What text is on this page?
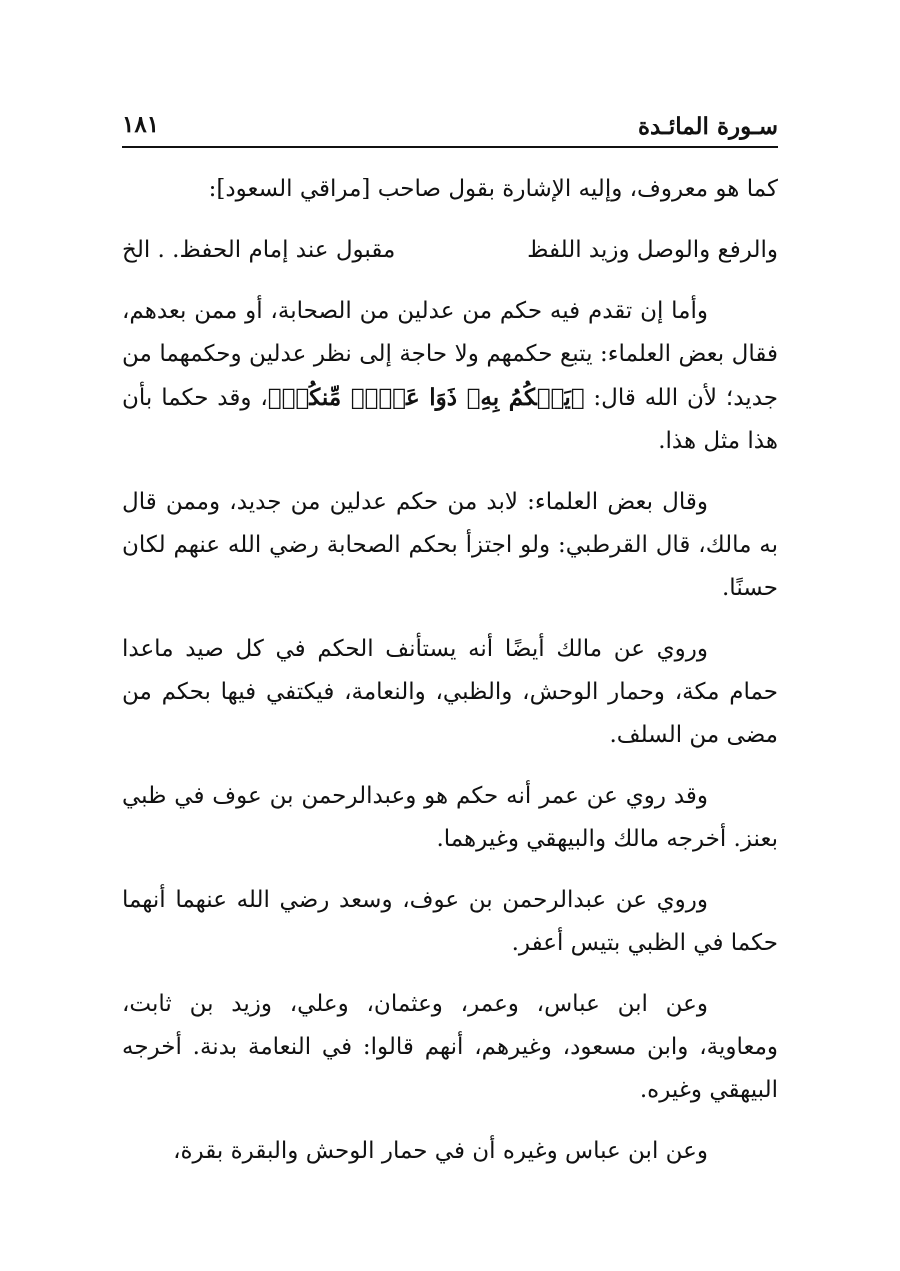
سـورة المائـدة
١٨١

كما هو معروف، وإليه الإشارة بقول صاحب [مراقي السعود]:

والرفع والوصل وزيد اللفظ
مقبول عند إمام الحفظ. . الخ

وأما إن تقدم فيه حكم من عدلين من الصحابة، أو ممن بعدهم، فقال بعض العلماء: يتبع حكمهم ولا حاجة إلى نظر عدلين وحكمهما من جديد؛ لأن الله قال: ﴿يَحۡكُمُ بِهِۦ ذَوَا عَدۡلٖ مِّنكُمۡ﴾، وقد حكما بأن هذا مثل هذا.

وقال بعض العلماء: لابد من حكم عدلين من جديد، وممن قال به مالك، قال القرطبي: ولو اجتزأ بحكم الصحابة رضي الله عنهم لكان حسنًا.

وروي عن مالك أيضًا أنه يستأنف الحكم في كل صيد ماعدا حمام مكة، وحمار الوحش، والظبي، والنعامة، فيكتفي فيها بحكم من مضى من السلف.

وقد روي عن عمر أنه حكم هو وعبدالرحمن بن عوف في ظبي بعنز. أخرجه مالك والبيهقي وغيرهما.

وروي عن عبدالرحمن بن عوف، وسعد رضي الله عنهما أنهما حكما في الظبي بتيس أعفر.

وعن ابن عباس، وعمر، وعثمان، وعلي، وزيد بن ثابت، ومعاوية، وابن مسعود، وغيرهم، أنهم قالوا: في النعامة بدنة. أخرجه البيهقي وغيره.

وعن ابن عباس وغيره أن في حمار الوحش والبقرة بقرة،
